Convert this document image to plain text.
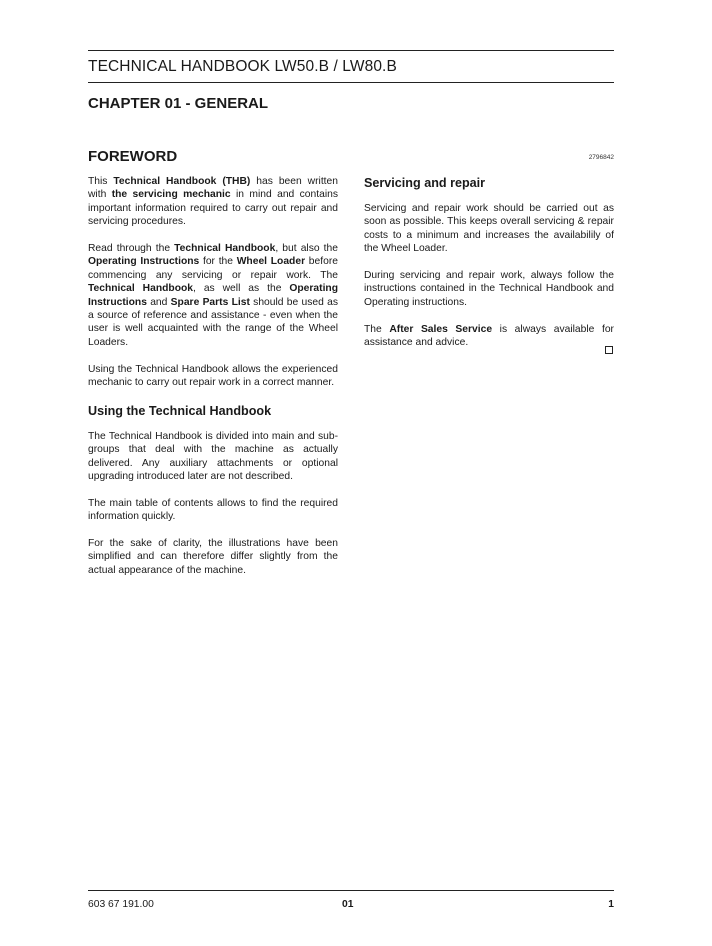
TECHNICAL HANDBOOK LW50.B / LW80.B
CHAPTER 01 - GENERAL
FOREWORD	2796842

This Technical Handbook (THB) has been written with the servicing mechanic in mind and contains important information required to carry out repair and servicing procedures.

Read through the Technical Handbook, but also the Operating Instructions for the Wheel Loader before commencing any servicing or repair work. The Technical Handbook, as well as the Operating Instructions and Spare Parts List should be used as a source of reference and assistance - even when the user is well acquainted with the range of the Wheel Loaders.

Using the Technical Handbook allows the experienced mechanic to carry out repair work in a correct manner.

Using the Technical Handbook

The Technical Handbook is divided into main and sub-groups that deal with the machine as actually delivered. Any auxiliary attachments or optional upgrading introduced later are not described.

The main table of contents allows to find the required information quickly.

For the sake of clarity, the illustrations have been simplified and can therefore differ slightly from the actual appearance of the machine.

Servicing and repair

Servicing and repair work should be carried out as soon as possible. This keeps overall servicing & repair costs to a minimum and increases the availabilily of the Wheel Loader.

During servicing and repair work, always follow the instructions contained in the Technical Handbook and Operating instructions.

The After Sales Service is always available for assistance and advice.

603 67 191.00	01	1
